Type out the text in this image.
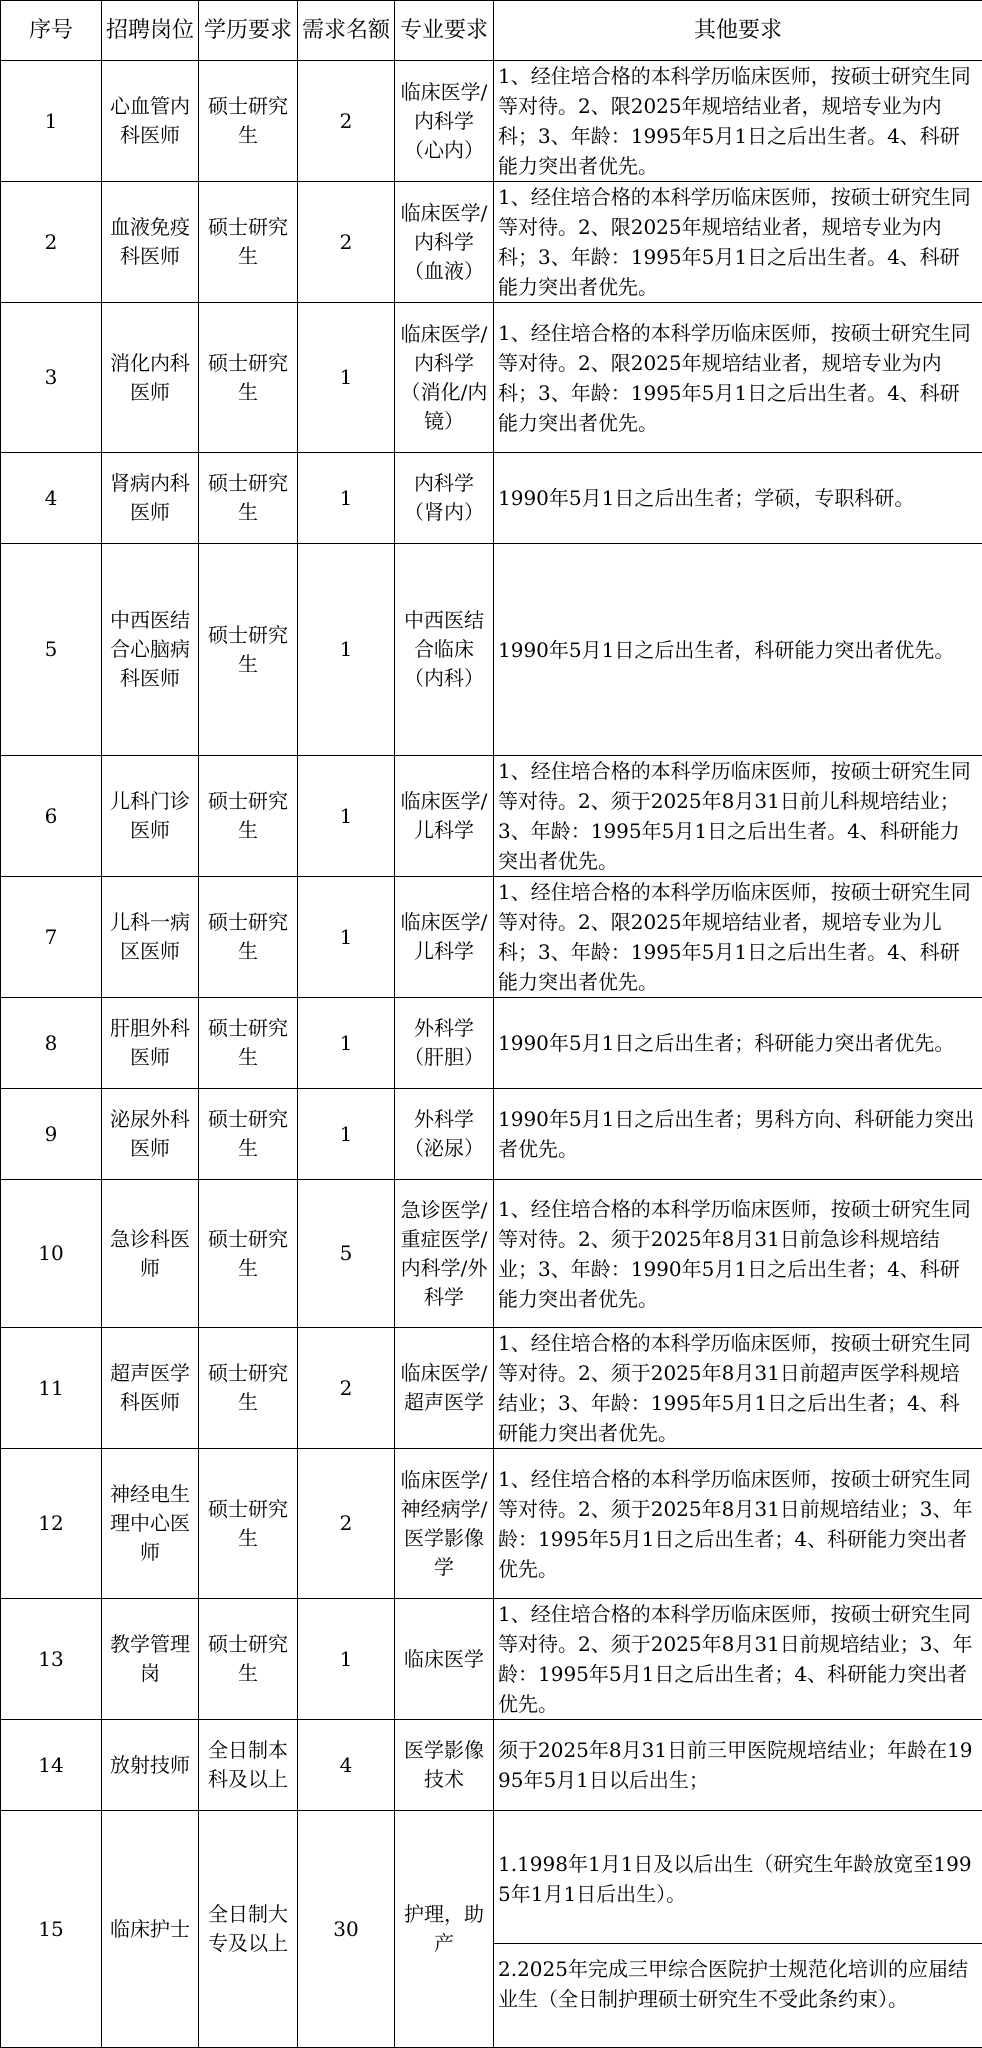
序号	招聘岗位	学历要求	需求名额	专业要求	其他要求
1	心血管内科医师	硕士研究生	2	临床医学/内科学（心内）	1、经住培合格的本科学历临床医师，按硕士研究生同等对待。2、限2025年规培结业者，规培专业为内科；3、年龄：1995年5月1日之后出生者。4、科研能力突出者优先。
2	血液免疫科医师	硕士研究生	2	临床医学/内科学（血液）	1、经住培合格的本科学历临床医师，按硕士研究生同等对待。2、限2025年规培结业者，规培专业为内科；3、年龄：1995年5月1日之后出生者。4、科研能力突出者优先。
3	消化内科医师	硕士研究生	1	临床医学/内科学（消化/内镜）	1、经住培合格的本科学历临床医师，按硕士研究生同等对待。2、限2025年规培结业者，规培专业为内科；3、年龄：1995年5月1日之后出生者。4、科研能力突出者优先。
4	肾病内科医师	硕士研究生	1	内科学（肾内）	1990年5月1日之后出生者；学硕，专职科研。
5	中西医结合心脑病科医师	硕士研究生	1	中西医结合临床（内科）	1990年5月1日之后出生者，科研能力突出者优先。
6	儿科门诊医师	硕士研究生	1	临床医学/儿科学	1、经住培合格的本科学历临床医师，按硕士研究生同等对待。2、须于2025年8月31日前儿科规培结业；3、年龄：1995年5月1日之后出生者。4、科研能力突出者优先。
7	儿科一病区医师	硕士研究生	1	临床医学/儿科学	1、经住培合格的本科学历临床医师，按硕士研究生同等对待。2、限2025年规培结业者，规培专业为儿科；3、年龄：1995年5月1日之后出生者。4、科研能力突出者优先。
8	肝胆外科医师	硕士研究生	1	外科学（肝胆）	1990年5月1日之后出生者；科研能力突出者优先。
9	泌尿外科医师	硕士研究生	1	外科学（泌尿）	1990年5月1日之后出生者；男科方向、科研能力突出者优先。
10	急诊科医师	硕士研究生	5	急诊医学/重症医学/内科学/外科学	1、经住培合格的本科学历临床医师，按硕士研究生同等对待。2、须于2025年8月31日前急诊科规培结业；3、年龄：1990年5月1日之后出生者；4、科研能力突出者优先。
11	超声医学科医师	硕士研究生	2	临床医学/超声医学	1、经住培合格的本科学历临床医师，按硕士研究生同等对待。2、须于2025年8月31日前超声医学科规培结业；3、年龄：1995年5月1日之后出生者；4、科研能力突出者优先。
12	神经电生理中心医师	硕士研究生	2	临床医学/神经病学/医学影像学	1、经住培合格的本科学历临床医师，按硕士研究生同等对待。2、须于2025年8月31日前规培结业；3、年龄：1995年5月1日之后出生者；4、科研能力突出者优先。
13	教学管理岗	硕士研究生	1	临床医学	1、经住培合格的本科学历临床医师，按硕士研究生同等对待。2、须于2025年8月31日前规培结业；3、年龄：1995年5月1日之后出生者；4、科研能力突出者优先。
14	放射技师	全日制本科及以上	4	医学影像技术	须于2025年8月31日前三甲医院规培结业；年龄在1995年5月1日以后出生；
15	临床护士	全日制大专及以上	30	护理，助产	1.1998年1月1日及以后出生（研究生年龄放宽至1995年1月1日后出生）。
2.2025年完成三甲综合医院护士规范化培训的应届结业生（全日制护理硕士研究生不受此条约束）。
